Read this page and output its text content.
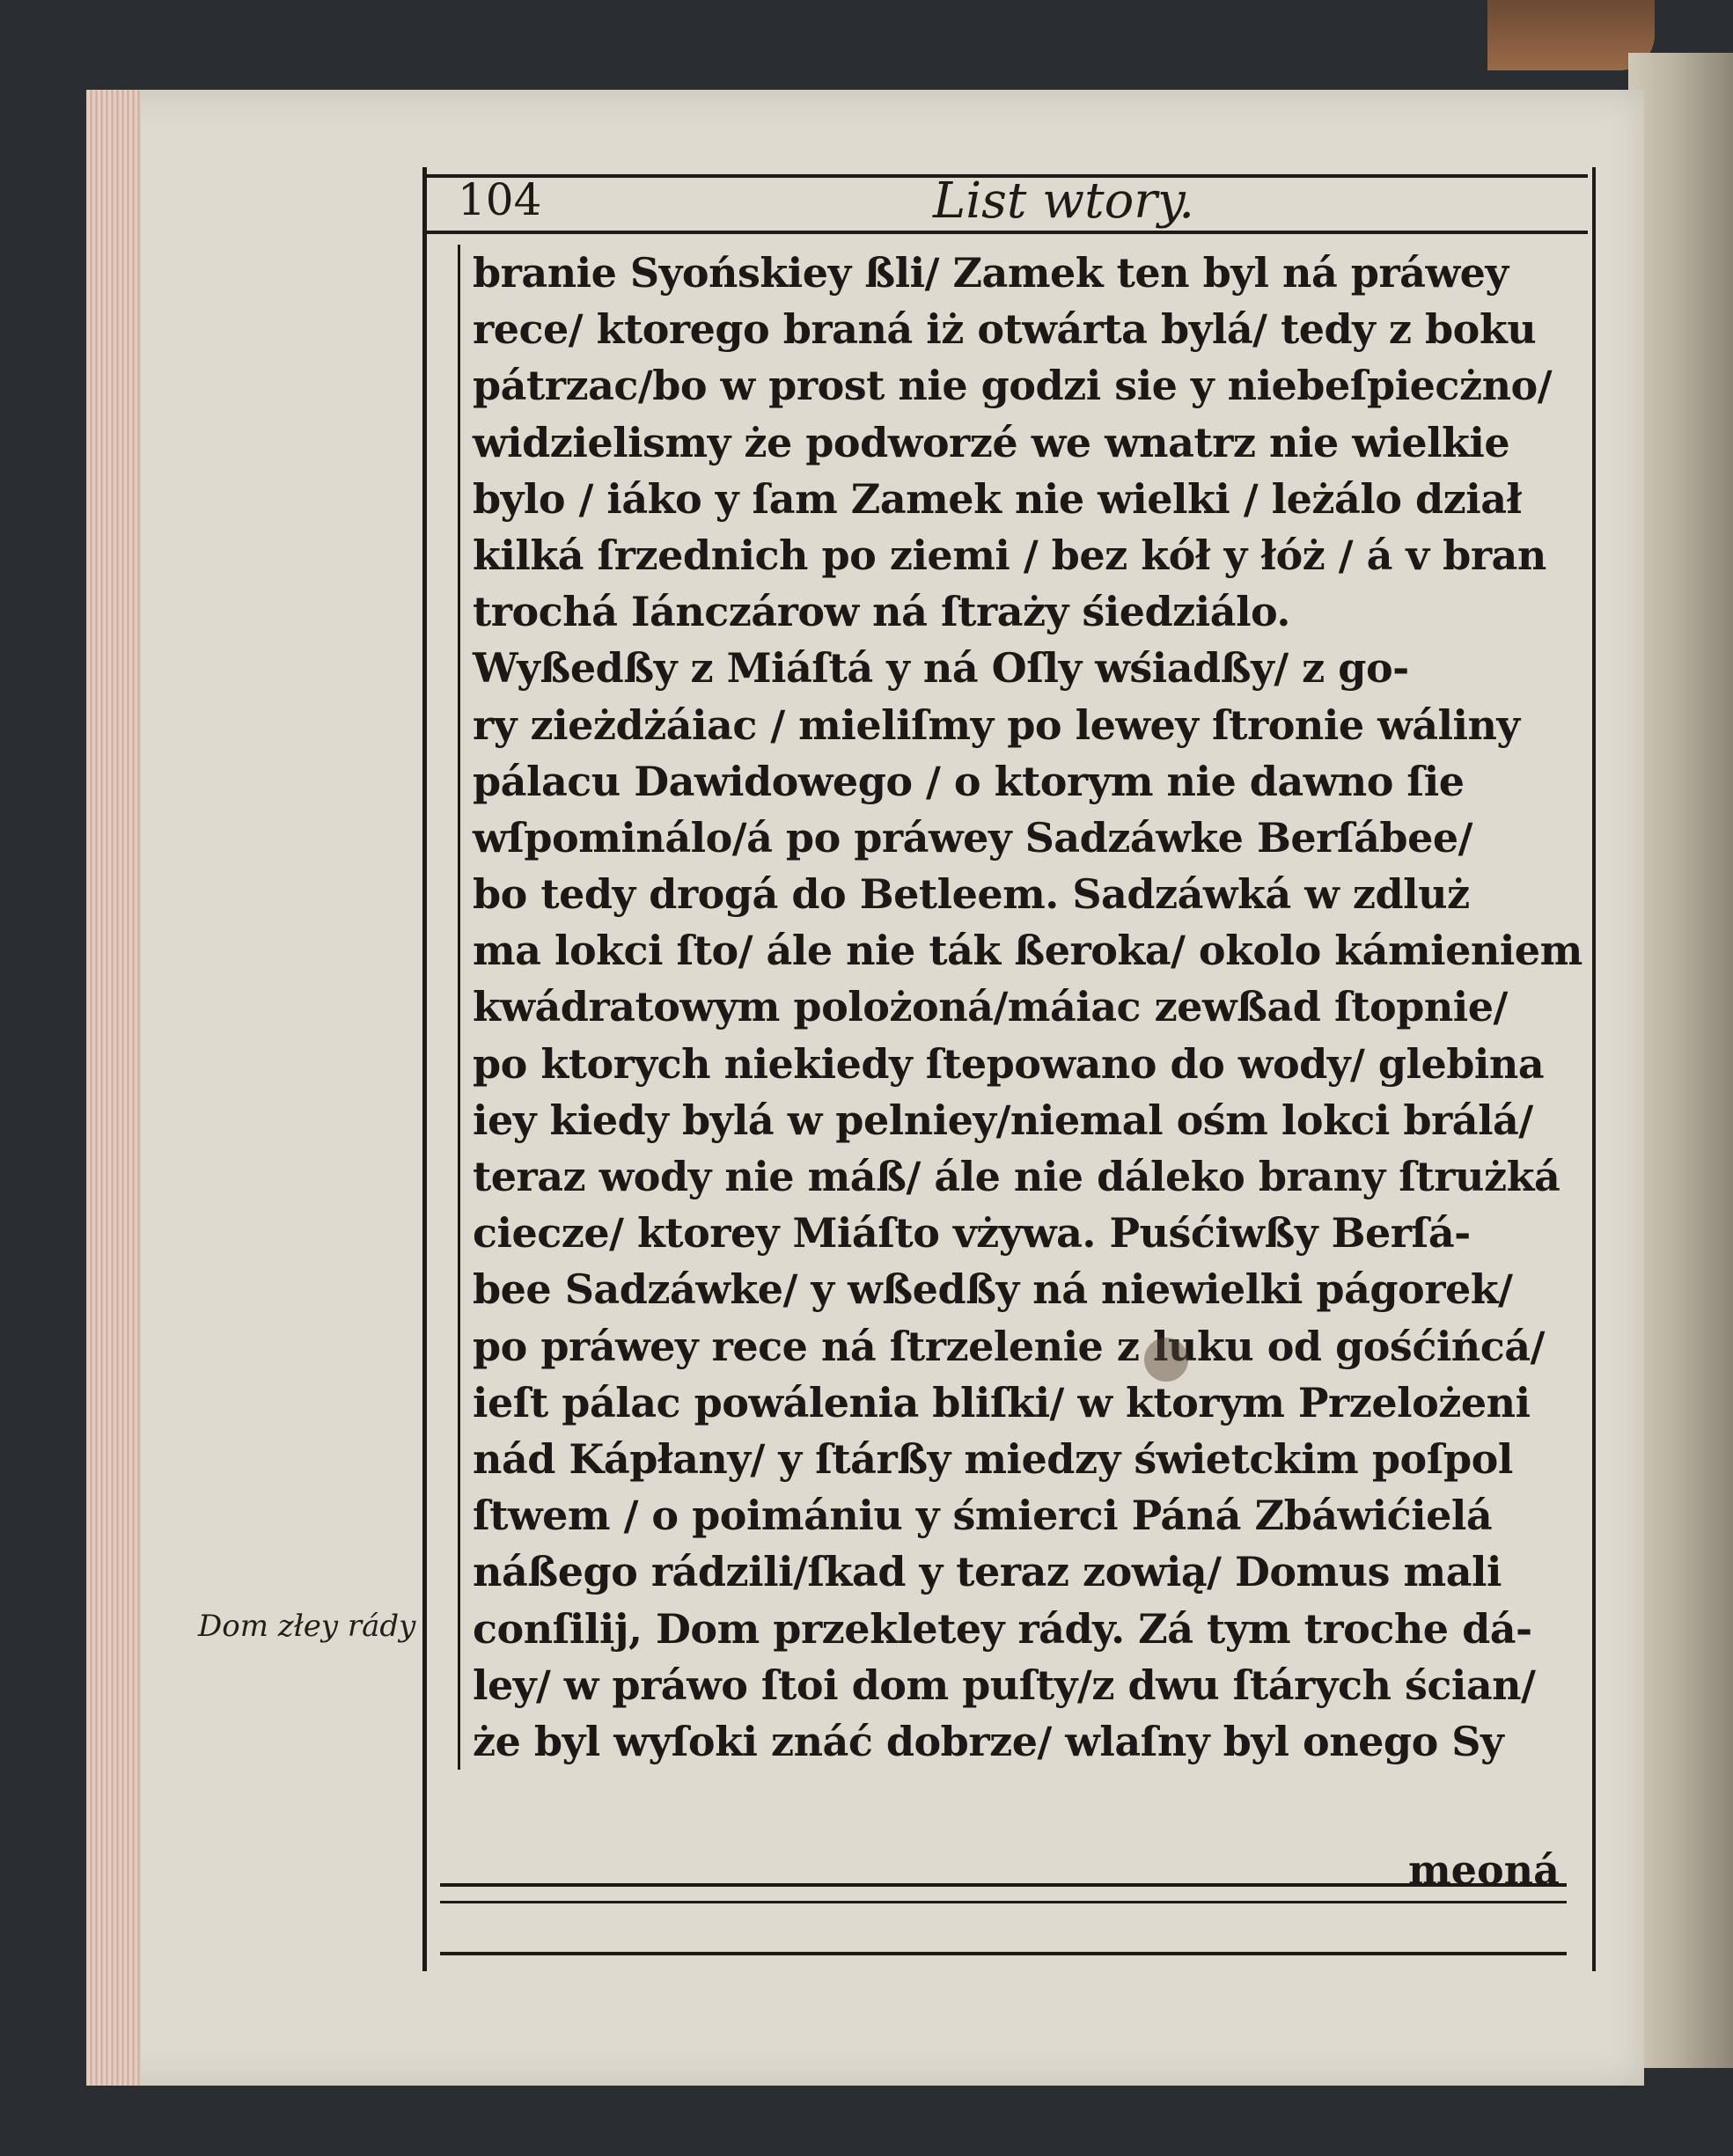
104	List wtory.
branie Syońskiey ßli/ Zamek ten byl ná práwey
rece/ ktorego braná iż otwárta bylá/ tedy z boku
pátrzac/bo w prost nie godzi sie y niebeſpiecżno/
widzielismy że podworzé we wnatrz nie wielkie
bylo / iáko y ſam Zamek nie wielki / leżálo dział
kilká ſrzednich po ziemi / bez kół y łóż / á v bran
trochá Iánczárow ná ſtraży śiedziálo.
Wyßedßy z Miáſtá y ná Oſly wśiadßy/ z go-
ry zieżdżáiac / mieliſmy po lewey ſtronie wáliny
pálacu Dawidowego / o ktorym nie dawno ſie
wſpominálo/á po práwey Sadzáwke Berſábee/
bo tedy drogá do Betleem. Sadzáwká w zdluż
ma lokci ſto/ ále nie ták ßeroka/ okolo kámieniem
kwádratowym polożoná/máiac zewßad ſtopnie/
po ktorych niekiedy ſtepowano do wody/ glebina
iey kiedy bylá w pelniey/niemal ośm lokci brálá/
teraz wody nie máß/ ále nie dáleko brany ſtrużká
ciecze/ ktorey Miáſto vżywa. Puśćiwßy Berſá-
bee Sadzáwke/ y wßedßy ná niewielki págorek/
po práwey rece ná ſtrzelenie z luku od gośćińcá/
ieſt pálac powálenia bliſki/ w ktorym Przelożeni
nád Kápłany/ y ſtárßy miedzy świetckim poſpol
ſtwem / o poimániu y śmierci Páná Zbáwićielá
náßego rádzili/ſkad y teraz zowią/ Domus mali
conſilij, Dom przekletey rády. Zá tym troche dá-
ley/ w práwo ſtoi dom puſty/z dwu ſtárych ścian/
że byl wyſoki znáć dobrze/ wlaſny byl onego Sy
meoná
Dom złey rády
